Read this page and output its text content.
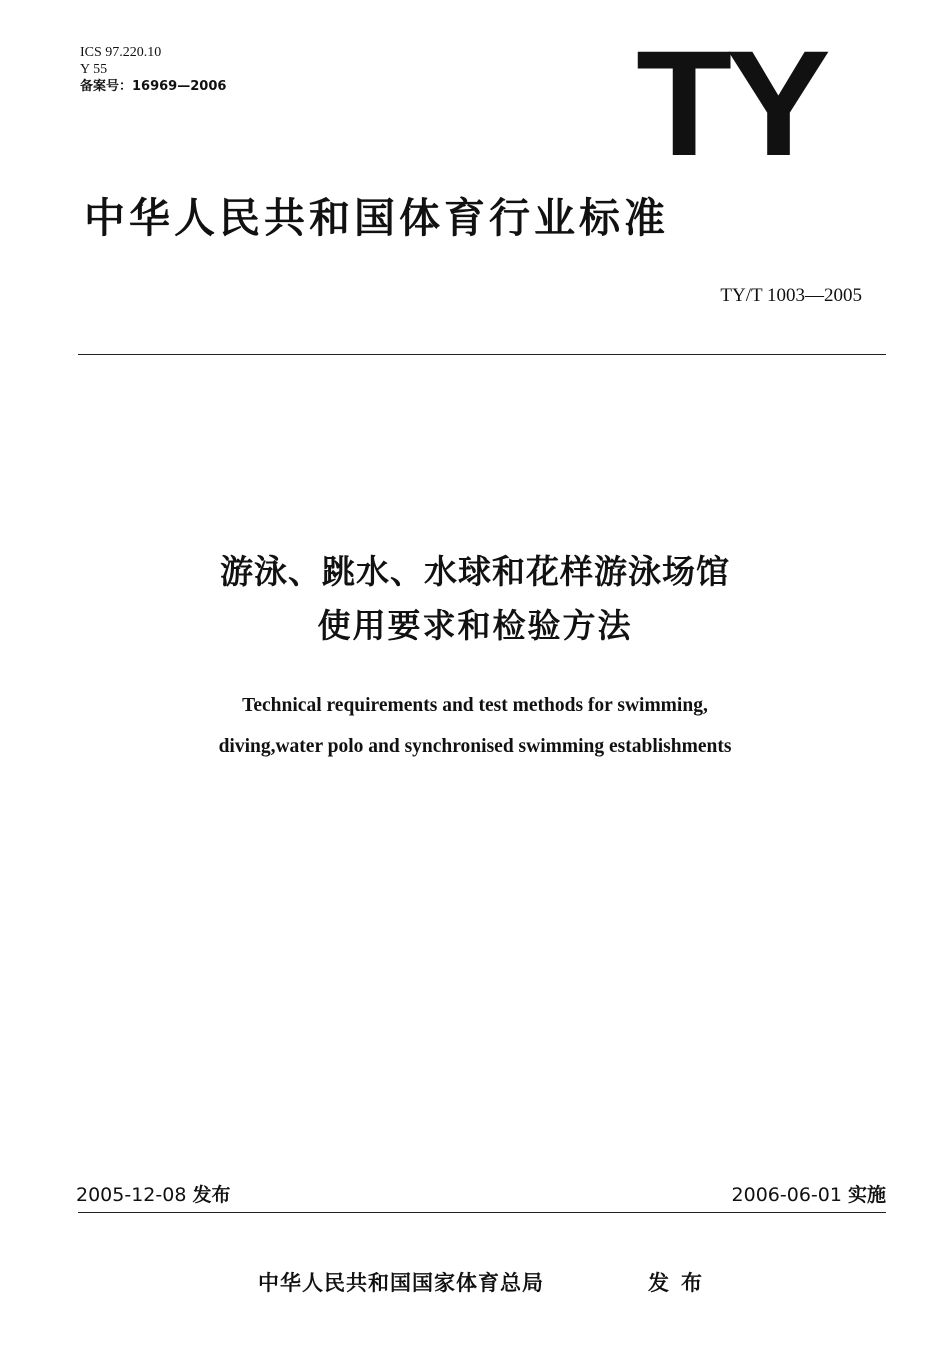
ICS 97.220.10
Y 55
备案号：16969—2006	TY
中华人民共和国体育行业标准
TY/T 1003—2005
游泳、跳水、水球和花样游泳场馆
使用要求和检验方法
Technical requirements and test methods for swimming,
diving,water polo and synchronised swimming establishments
2005-12-08 发布	2006-06-01 实施
中华人民共和国国家体育总局	发布
